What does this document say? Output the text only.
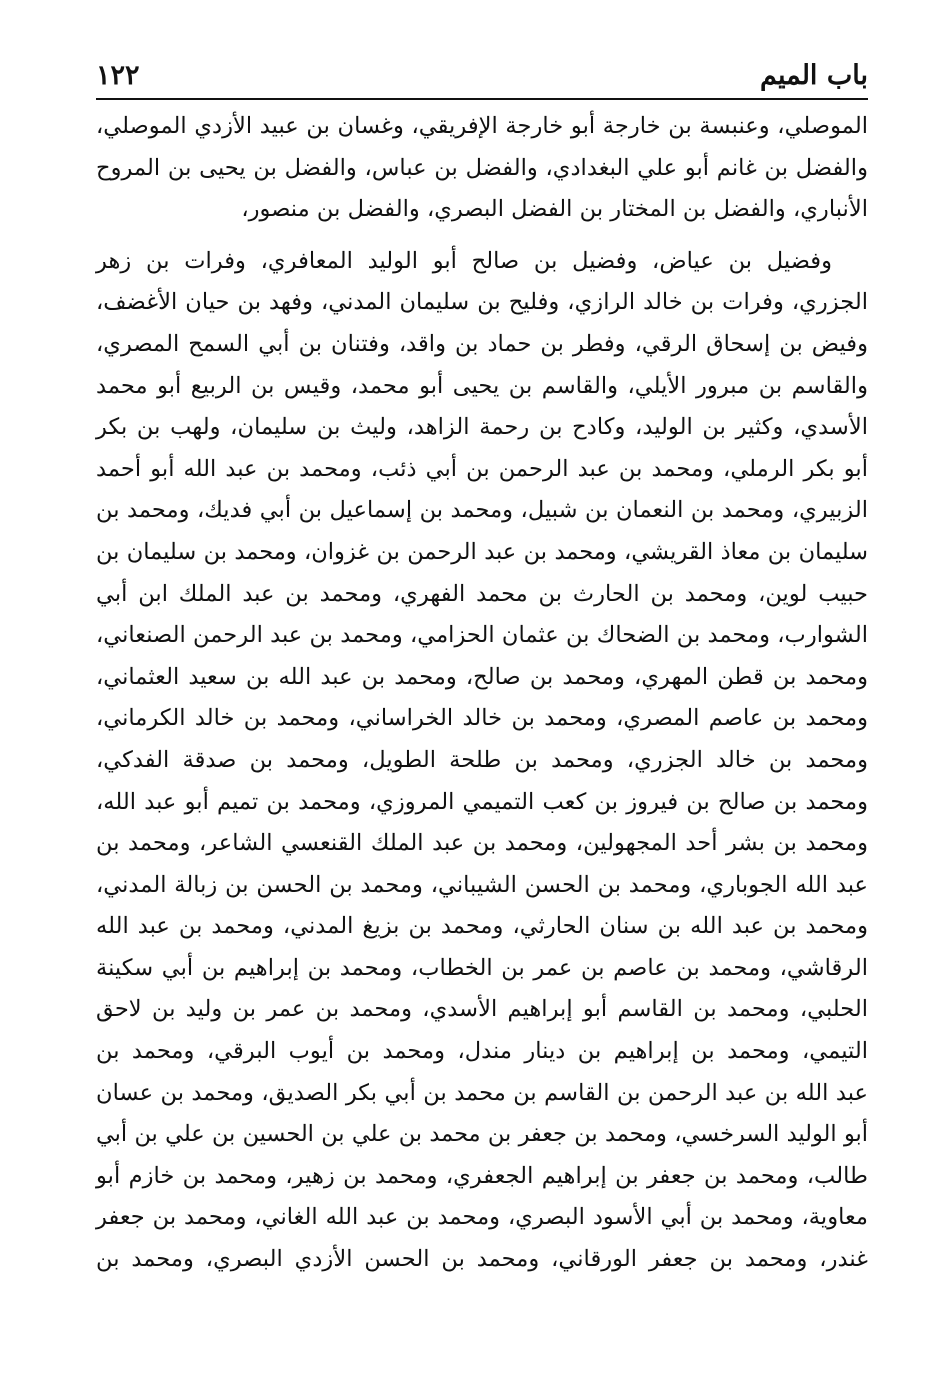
باب الميم
١٢٢
الموصلي، وعنبسة بن خارجة أبو خارجة الإفريقي، وغسان بن عبيد الأزدي الموصلي،
والفضل بن غانم أبو علي البغدادي، والفضل بن عباس، والفضل بن يحيى بن المروح
الأنباري، والفضل بن المختار بن الفضل البصري، والفضل بن منصور،
وفضيل بن عياض، وفضيل بن صالح أبو الوليد المعافري، وفرات بن زهر
الجزري، وفرات بن خالد الرازي، وفليح بن سليمان المدني، وفهد بن حيان الأغضف،
وفيض بن إسحاق الرقي، وفطر بن حماد بن واقد، وفتنان بن أبي السمح المصري،
والقاسم بن مبرور الأيلي، والقاسم بن يحيى أبو محمد، وقيس بن الربيع أبو محمد
الأسدي، وكثير بن الوليد، وكادح بن رحمة الزاهد، وليث بن سليمان، ولهب بن بكر
أبو بكر الرملي، ومحمد بن عبد الرحمن بن أبي ذئب، ومحمد بن عبد الله أبو أحمد
الزبيري، ومحمد بن النعمان بن شبيل، ومحمد بن إسماعيل بن أبي فديك، ومحمد بن
سليمان بن معاذ القريشي، ومحمد بن عبد الرحمن بن غزوان، ومحمد بن سليمان بن
حبيب لوين، ومحمد بن الحارث بن محمد الفهري، ومحمد بن عبد الملك ابن أبي
الشوارب، ومحمد بن الضحاك بن عثمان الحزامي، ومحمد بن عبد الرحمن الصنعاني،
ومحمد بن قطن المهري، ومحمد بن صالح، ومحمد بن عبد الله بن سعيد العثماني،
ومحمد بن عاصم المصري، ومحمد بن خالد الخراساني، ومحمد بن خالد الكرماني،
ومحمد بن خالد الجزري، ومحمد بن طلحة الطويل، ومحمد بن صدقة الفدكي،
ومحمد بن صالح بن فيروز بن كعب التميمي المروزي، ومحمد بن تميم أبو عبد الله،
ومحمد بن بشر أحد المجهولين، ومحمد بن عبد الملك القنعسي الشاعر، ومحمد بن
عبد الله الجوباري، ومحمد بن الحسن الشيباني، ومحمد بن الحسن بن زبالة المدني،
ومحمد بن عبد الله بن سنان الحارثي، ومحمد بن بزيغ المدني، ومحمد بن عبد الله
الرقاشي، ومحمد بن عاصم بن عمر بن الخطاب، ومحمد بن إبراهيم بن أبي سكينة
الحلبي، ومحمد بن القاسم أبو إبراهيم الأسدي، ومحمد بن عمر بن وليد بن لاحق
التيمي، ومحمد بن إبراهيم بن دينار مندل، ومحمد بن أيوب البرقي، ومحمد بن
عبد الله بن عبد الرحمن بن القاسم بن محمد بن أبي بكر الصديق، ومحمد بن عسان
أبو الوليد السرخسي، ومحمد بن جعفر بن محمد بن علي بن الحسين بن علي بن أبي
طالب، ومحمد بن جعفر بن إبراهيم الجعفري، ومحمد بن زهير، ومحمد بن خازم أبو
معاوية، ومحمد بن أبي الأسود البصري، ومحمد بن عبد الله الغاني، ومحمد بن جعفر
غندر، ومحمد بن جعفر الورقاني، ومحمد بن الحسن الأزدي البصري، ومحمد بن
